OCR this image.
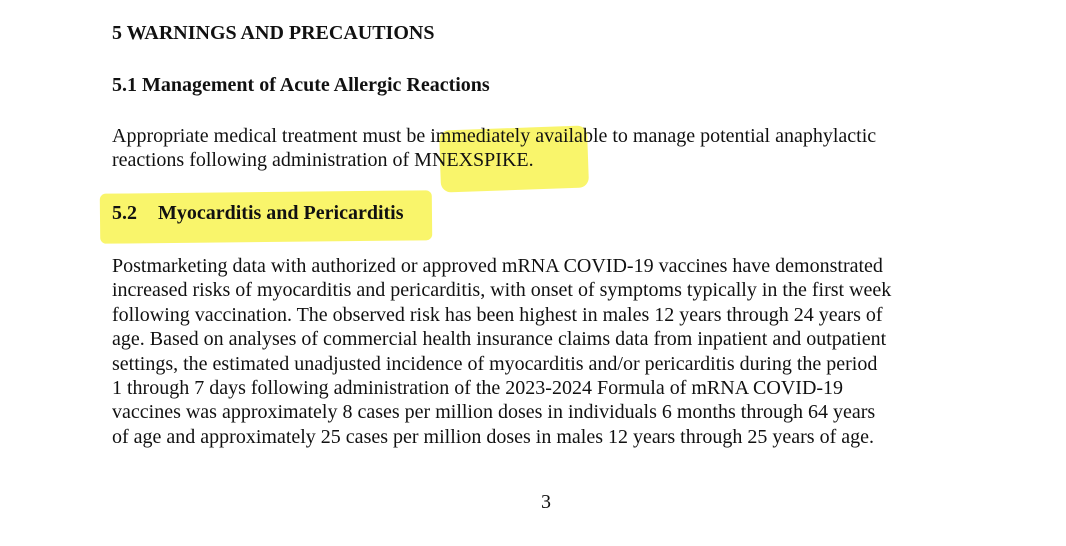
5 WARNINGS AND PRECAUTIONS
5.1 Management of Acute Allergic Reactions
Appropriate medical treatment must be immediately available to manage potential anaphylactic
reactions following administration of MNEXSPIKE.
5.2 Myocarditis and Pericarditis
Postmarketing data with authorized or approved mRNA COVID-19 vaccines have demonstrated
increased risks of myocarditis and pericarditis, with onset of symptoms typically in the first week
following vaccination. The observed risk has been highest in males 12 years through 24 years of
age. Based on analyses of commercial health insurance claims data from inpatient and outpatient
settings, the estimated unadjusted incidence of myocarditis and/or pericarditis during the period
1 through 7 days following administration of the 2023-2024 Formula of mRNA COVID-19
vaccines was approximately 8 cases per million doses in individuals 6 months through 64 years
of age and approximately 25 cases per million doses in males 12 years through 25 years of age.
3
